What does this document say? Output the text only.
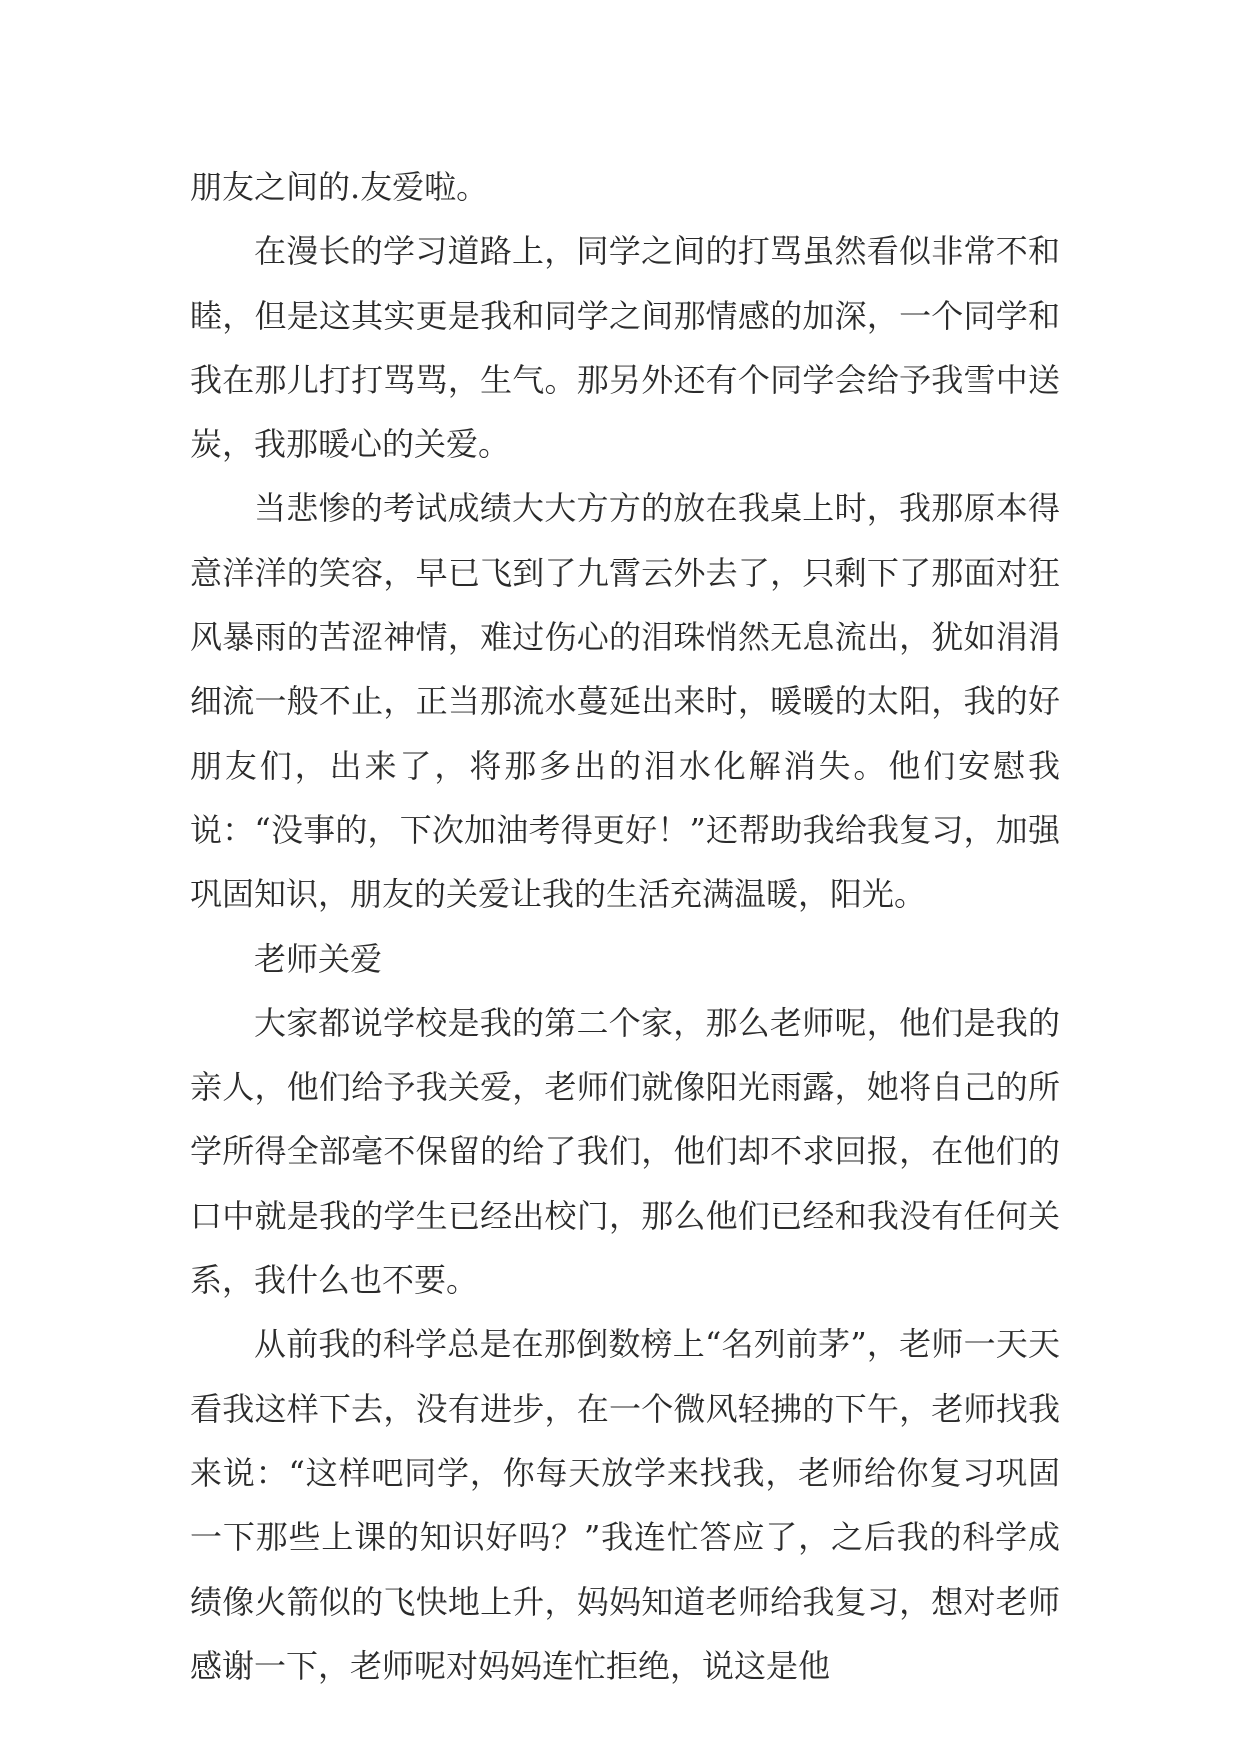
朋友之间的.友爱啦。

在漫长的学习道路上，同学之间的打骂虽然看似非常不和睦，但是这其实更是我和同学之间那情感的加深，一个同学和我在那儿打打骂骂，生气。那另外还有个同学会给予我雪中送炭，我那暖心的关爱。

当悲惨的考试成绩大大方方的放在我桌上时，我那原本得意洋洋的笑容，早已飞到了九霄云外去了，只剩下了那面对狂风暴雨的苦涩神情，难过伤心的泪珠悄然无息流出，犹如涓涓细流一般不止，正当那流水蔓延出来时，暖暖的太阳，我的好朋友们，出来了，将那多出的泪水化解消失。他们安慰我说：“没事的，下次加油考得更好！”还帮助我给我复习，加强巩固知识，朋友的关爱让我的生活充满温暖，阳光。

老师关爱

大家都说学校是我的第二个家，那么老师呢，他们是我的亲人，他们给予我关爱，老师们就像阳光雨露，她将自己的所学所得全部毫不保留的给了我们，他们却不求回报，在他们的口中就是我的学生已经出校门，那么他们已经和我没有任何关系，我什么也不要。

从前我的科学总是在那倒数榜上“名列前茅”，老师一天天看我这样下去，没有进步，在一个微风轻拂的下午，老师找我来说：“这样吧同学，你每天放学来找我，老师给你复习巩固一下那些上课的知识好吗？”我连忙答应了，之后我的科学成绩像火箭似的飞快地上升，妈妈知道老师给我复习，想对老师感谢一下，老师呢对妈妈连忙拒绝，说这是他
